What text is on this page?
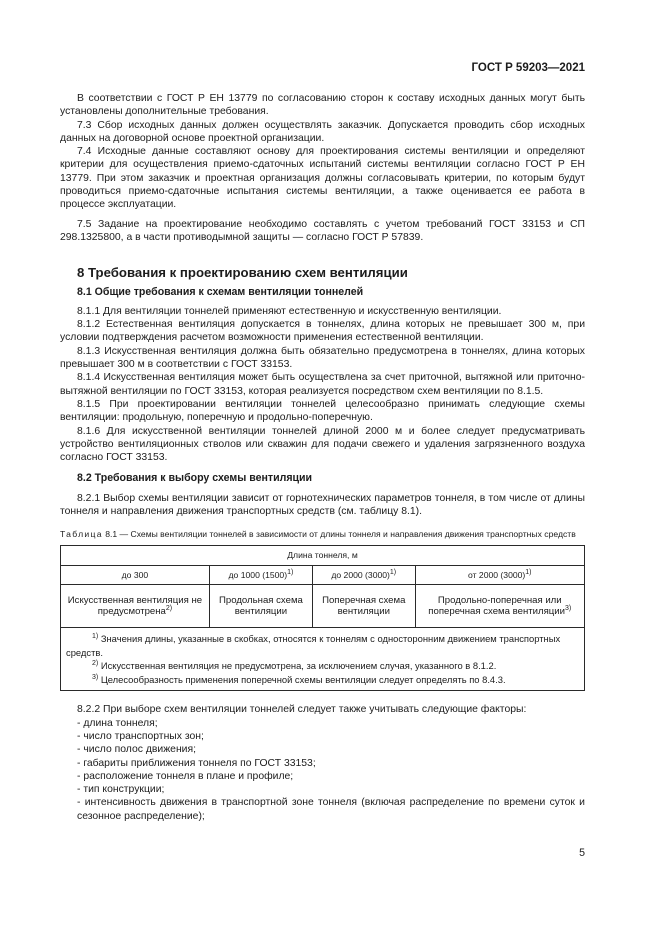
ГОСТ Р 59203—2021

В соответствии с ГОСТ Р ЕН 13779 по согласованию сторон к составу исходных данных могут быть установлены дополнительные требования.

7.3 Сбор исходных данных должен осуществлять заказчик. Допускается проводить сбор исходных данных на договорной основе проектной организации.

7.4 Исходные данные составляют основу для проектирования системы вентиляции и определяют критерии для осуществления приемо-сдаточных испытаний системы вентиляции согласно ГОСТ Р ЕН 13779. При этом заказчик и проектная организация должны согласовывать критерии, по которым будут проводиться приемо-сдаточные испытания системы вентиляции, а также оценивается ее работа в процессе эксплуатации.

7.5 Задание на проектирование необходимо составлять с учетом требований ГОСТ 33153 и СП 298.1325800, а в части противодымной защиты — согласно ГОСТ Р 57839.

8 Требования к проектированию схем вентиляции
8.1 Общие требования к схемам вентиляции тоннелей

8.1.1 Для вентиляции тоннелей применяют естественную и искусственную вентиляции.

8.1.2 Естественная вентиляция допускается в тоннелях, длина которых не превышает 300 м, при условии подтверждения расчетом возможности применения естественной вентиляции.

8.1.3 Искусственная вентиляция должна быть обязательно предусмотрена в тоннелях, длина которых превышает 300 м в соответствии с ГОСТ 33153.

8.1.4 Искусственная вентиляция может быть осуществлена за счет приточной, вытяжной или приточно-вытяжной вентиляции по ГОСТ 33153, которая реализуется посредством схем вентиляции по 8.1.5.

8.1.5 При проектировании вентиляции тоннелей целесообразно принимать следующие схемы вентиляции: продольную, поперечную и продольно-поперечную.

8.1.6 Для искусственной вентиляции тоннелей длиной 2000 м и более следует предусматривать устройство вентиляционных стволов или скважин для подачи свежего и удаления загрязненного воздуха согласно ГОСТ 33153.

8.2 Требования к выбору схемы вентиляции

8.2.1 Выбор схемы вентиляции зависит от горнотехнических параметров тоннеля, в том числе от длины тоннеля и направления движения транспортных средств (см. таблицу 8.1).

Таблица 8.1 — Схемы вентиляции тоннелей в зависимости от длины тоннеля и направления движения транспортных средств
Длина тоннеля, м			
до 300	до 1000 $(1500)^{1)}$	до 2000 $(3000)^{1)}$	от 2000 $(3000)^{1)}$
Искусственная вентиляция не предусмотрена$^{2)}$	Продольная схема вентиляции	Поперечная схема вентиляции	Продольно-поперечная или поперечная схема вентиляции$^{3)}$

$^{1)}$ Значения длины, указанные в скобках, относятся к тоннелям с односторонним движением транспортных средств.

$^{2)}$ Искусственная вентиляция не предусмотрена, за исключением случая, указанного в 8.1.2.

$^{3)}$ Целесообразность применения поперечной схемы вентиляции следует определять по 8.4.3.			

8.2.2 При выборе схем вентиляции тоннелей следует также учитывать следующие факторы:

- длина тоннеля;

- число транспортных зон;

- число полос движения;

- габариты приближения тоннеля по ГОСТ 33153;

- расположение тоннеля в плане и профиле;

- тип конструкции;

- интенсивность движения в транспортной зоне тоннеля (включая распределение по времени суток и сезонное распределение);

5
